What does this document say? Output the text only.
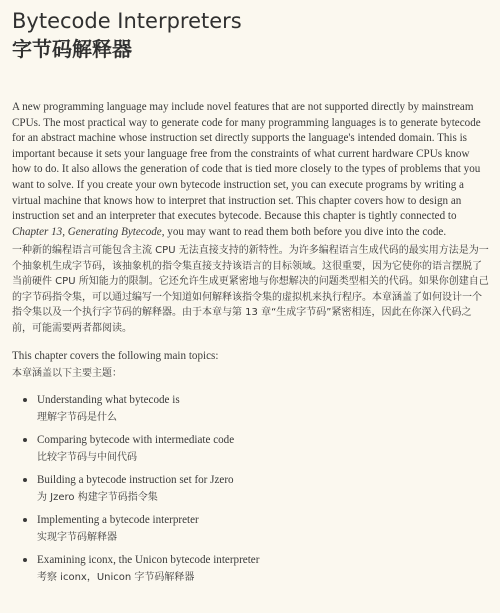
Bytecode Interpreters
字节码解释器

A new programming language may include novel features that are not supported directly by mainstream CPUs. The most practical way to generate code for many programming languages is to generate bytecode for an abstract machine whose instruction set directly supports the language's intended domain. This is important because it sets your language free from the constraints of what current hardware CPUs know how to do. It also allows the generation of code that is tied more closely to the types of problems that you want to solve. If you create your own bytecode instruction set, you can execute programs by writing a virtual machine that knows how to interpret that instruction set. This chapter covers how to design an instruction set and an interpreter that executes bytecode. Because this chapter is tightly connected to Chapter 13, Generating Bytecode, you may want to read them both before you dive into the code.

一种新的编程语言可能包含主流 CPU 无法直接支持的新特性。为许多编程语言生成代码的最实用方法是为一个抽象机生成字节码，该抽象机的指令集直接支持该语言的目标领域。这很重要，因为它使你的语言摆脱了当前硬件 CPU 所知能力的限制。它还允许生成更紧密地与你想解决的问题类型相关的代码。如果你创建自己的字节码指令集，可以通过编写一个知道如何解释该指令集的虚拟机来执行程序。本章涵盖了如何设计一个指令集以及一个执行字节码的解释器。由于本章与第 13 章“生成字节码”紧密相连，因此在你深入代码之前，可能需要两者都阅读。

This chapter covers the following main topics:

本章涵盖以下主要主题：

Understanding what bytecode is
理解字节码是什么
Comparing bytecode with intermediate code
比较字节码与中间代码
Building a bytecode instruction set for Jzero
为 Jzero 构建字节码指令集
Implementing a bytecode interpreter
实现字节码解释器
Examining iconx, the Unicon bytecode interpreter
考察 iconx，Unicon 字节码解释器
